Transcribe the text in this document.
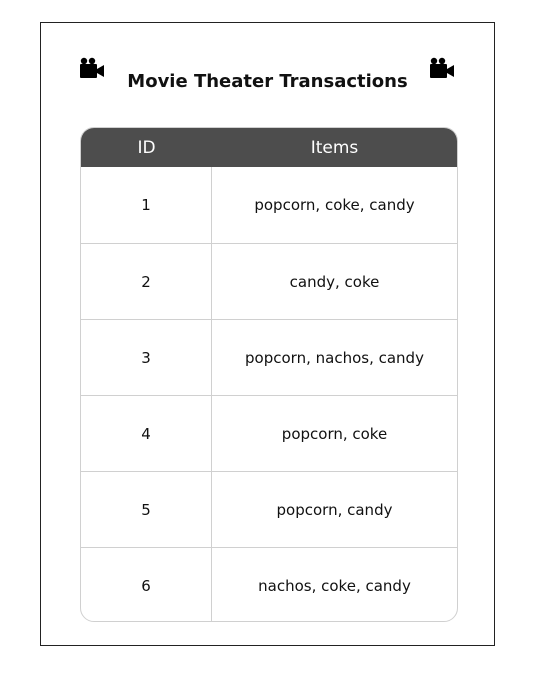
Movie Theater Transactions
ID	Items
1	popcorn, coke, candy
2	candy, coke
3	popcorn, nachos, candy
4	popcorn, coke
5	popcorn, candy
6	nachos, coke, candy
